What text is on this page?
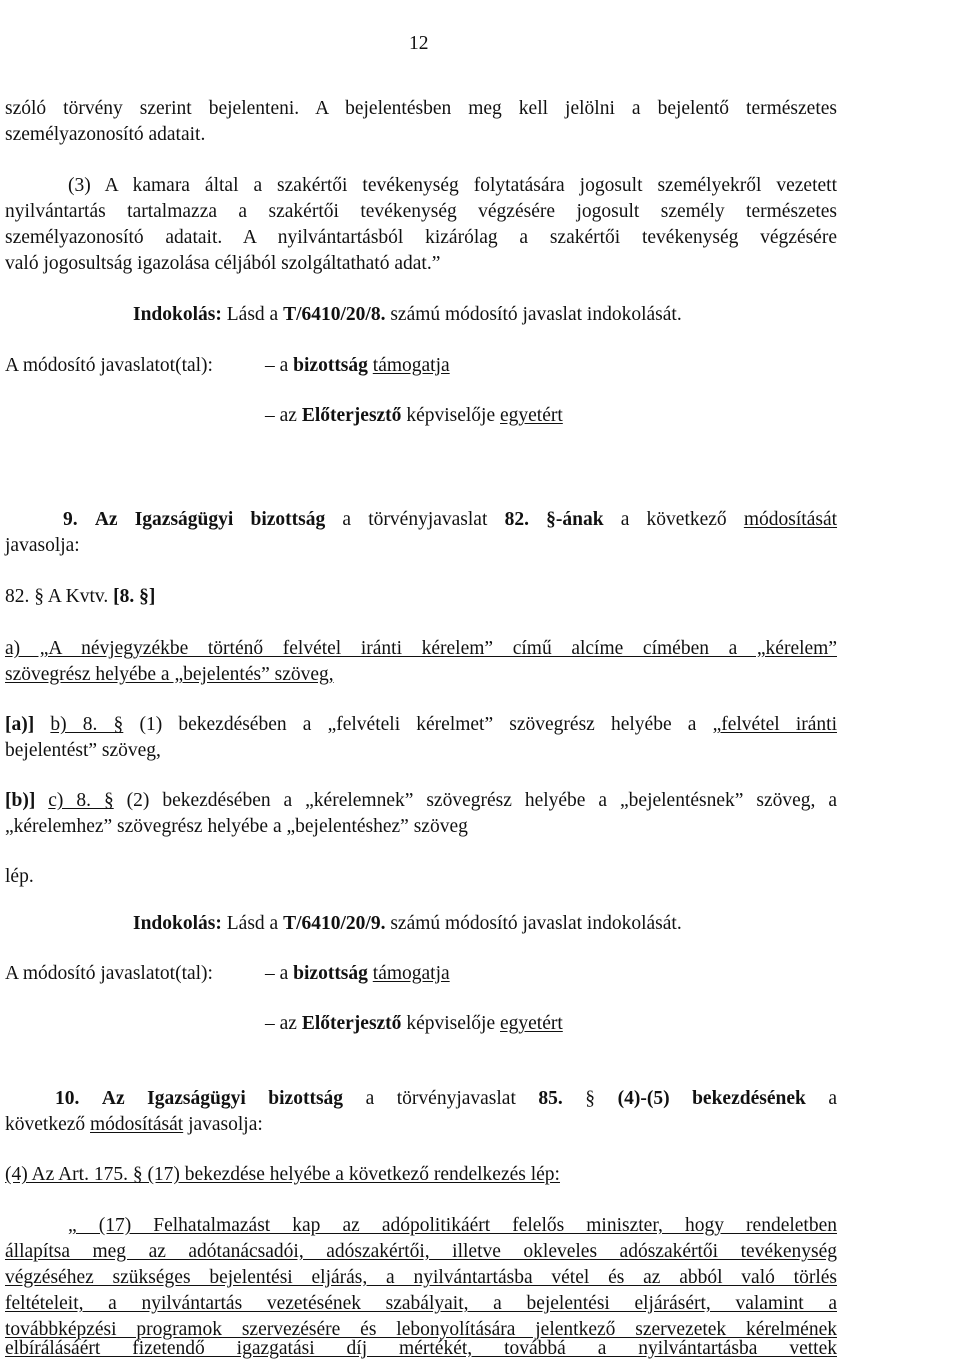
12
szóló törvény szerint bejelenteni. A bejelentésben meg kell jelölni a bejelentő természetes
személyazonosító adatait.
(3) A kamara által a szakértői tevékenység folytatására jogosult személyekről vezetett
nyilvántartás tartalmazza a szakértői tevékenység végzésére jogosult személy természetes
személyazonosító adatait. A nyilvántartásból kizárólag a szakértői tevékenység végzésére
való jogosultság igazolása céljából szolgáltatható adat.”
Indokolás: Lásd a T/6410/20/8. számú módosító javaslat indokolását.
A módosító javaslatot(tal):	– a bizottság támogatja
– az Előterjesztő képviselője egyetért
9. Az Igazságügyi bizottság a törvényjavaslat 82. §-ának a következő módosítását
javasolja:
82. § A Kvtv. [8. §]
a) „A névjegyzékbe történő felvétel iránti kérelem” című alcíme címében a „kérelem”
szövegrész helyébe a „bejelentés” szöveg,
[a)] b) 8. § (1) bekezdésében a „felvételi kérelmet” szövegrész helyébe a „felvétel iránti
bejelentést” szöveg,
[b)] c) 8. § (2) bekezdésében a „kérelemnek” szövegrész helyébe a „bejelentésnek” szöveg, a
„kérelemhez” szövegrész helyébe a „bejelentéshez” szöveg
lép.
Indokolás: Lásd a T/6410/20/9. számú módosító javaslat indokolását.
A módosító javaslatot(tal):	– a bizottság támogatja
– az Előterjesztő képviselője egyetért
10. Az Igazságügyi bizottság a törvényjavaslat 85. § (4)-(5) bekezdésének a
következő módosítását javasolja:
(4) Az Art. 175. § (17) bekezdése helyébe a következő rendelkezés lép:
„ (17) Felhatalmazást kap az adópolitikáért felelős miniszter, hogy rendeletben
állapítsa meg az adótanácsadói, adószakértői, illetve okleveles adószakértői tevékenység
végzéséhez szükséges bejelentési eljárás, a nyilvántartásba vétel és az abból való törlés
feltételeit, a nyilvántartás vezetésének szabályait, a bejelentési eljárásért, valamint a
továbbképzési programok szervezésére és lebonyolítására jelentkező szervezetek kérelmének
elbírálásáért fizetendő igazgatási díj mértékét, továbbá a nyilvántartásba vettek
